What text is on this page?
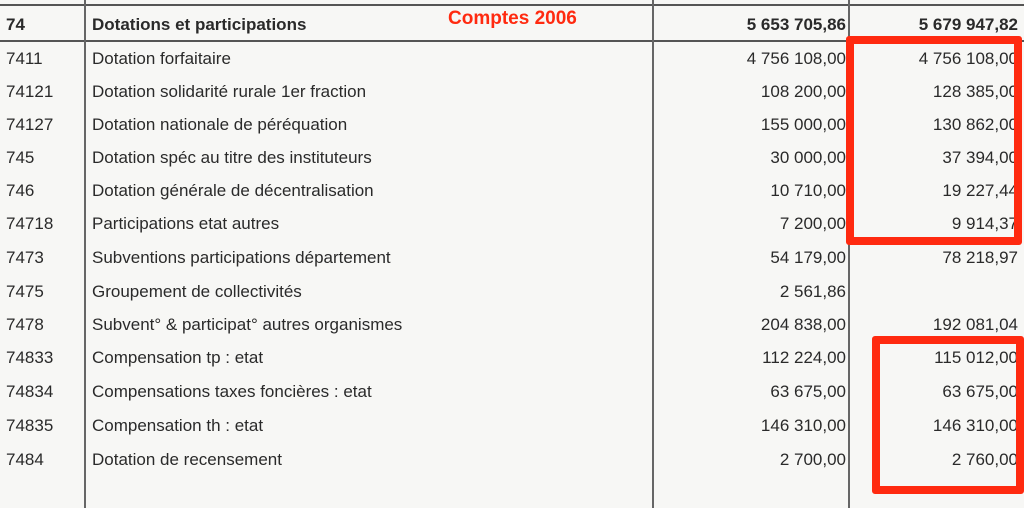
74	Dotations et participations	5 653 705,86	5 679 947,82
Comptes 2006
7411	Dotation forfaitaire	4 756 108,00	4 756 108,00
74121	Dotation solidarité rurale 1er fraction	108 200,00	128 385,00
74127	Dotation nationale de péréquation	155 000,00	130 862,00
745	Dotation spéc au titre des instituteurs	30 000,00	37 394,00
746	Dotation générale de décentralisation	10 710,00	19 227,44
74718	Participations etat autres	7 200,00	9 914,37
7473	Subventions participations département	54 179,00	78 218,97
7475	Groupement de collectivités	2 561,86
7478	Subvent° & participat° autres organismes	204 838,00	192 081,04
74833	Compensation tp : etat	112 224,00	115 012,00
74834	Compensations taxes foncières : etat	63 675,00	63 675,00
74835	Compensation th : etat	146 310,00	146 310,00
7484	Dotation de recensement	2 700,00	2 760,00
